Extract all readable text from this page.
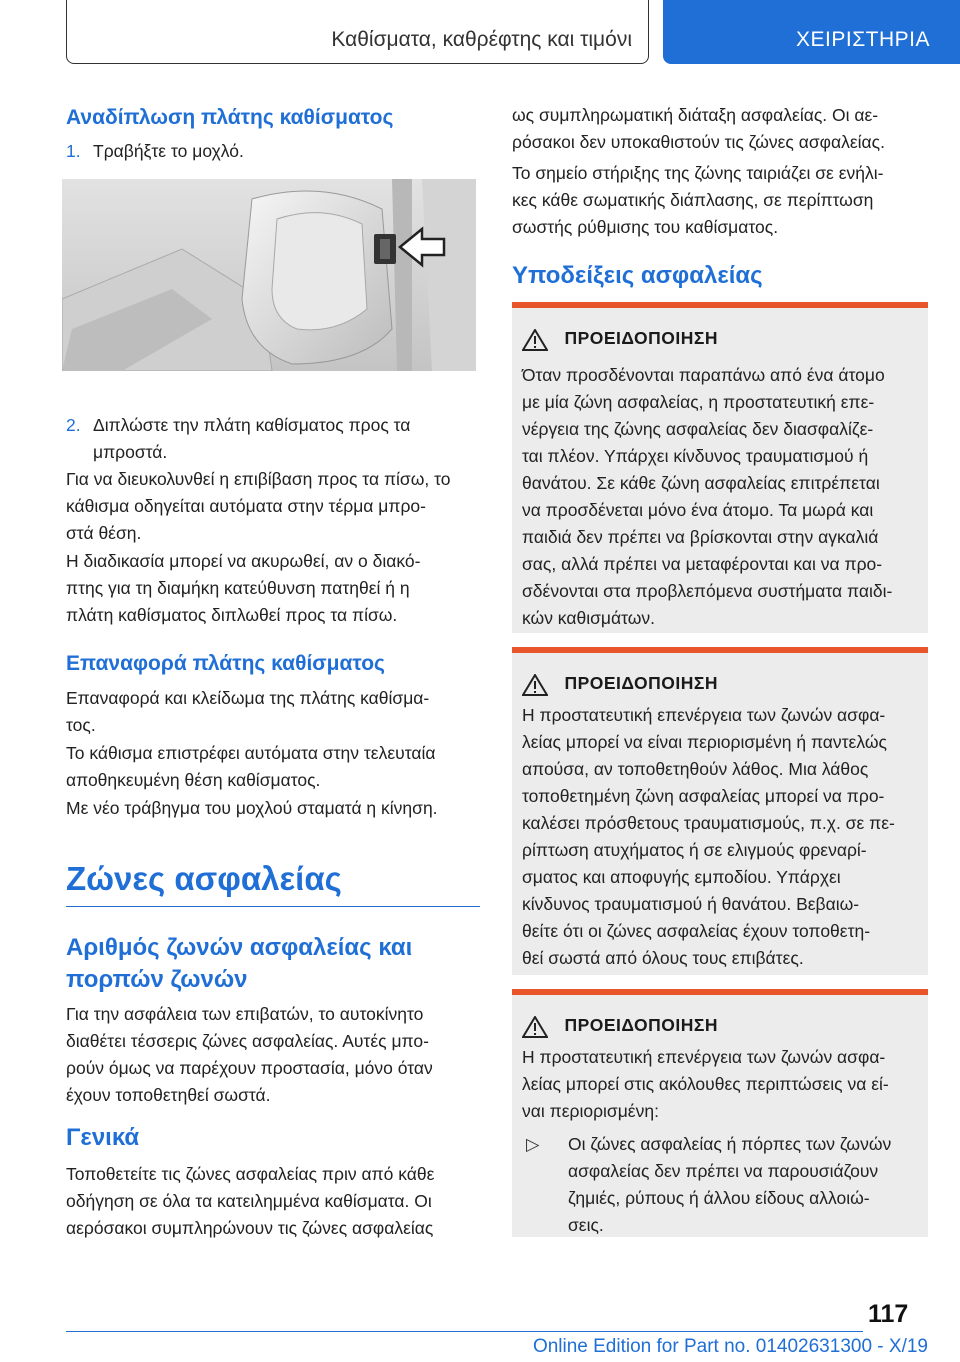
Καθίσματα, καθρέφτης και τιμόνι	ΧΕΙΡΙΣΤΗΡΙΑ
Αναδίπλωση πλάτης καθίσματος

1. Τραβήξτε το μοχλό.

2. Διπλώστε την πλάτη καθίσματος προς τα
μπροστά.

Για να διευκολυνθεί η επιβίβαση προς τα πίσω, το
κάθισμα οδηγείται αυτόματα στην τέρμα μπρο-
στά θέση.

Η διαδικασία μπορεί να ακυρωθεί, αν ο διακό-
πτης για τη διαμήκη κατεύθυνση πατηθεί ή η
πλάτη καθίσματος διπλωθεί προς τα πίσω.

Επαναφορά πλάτης καθίσματος

Επαναφορά και κλείδωμα της πλάτης καθίσμα-
τος.

Το κάθισμα επιστρέφει αυτόματα στην τελευταία
αποθηκευμένη θέση καθίσματος.

Με νέο τράβηγμα του μοχλού σταματά η κίνηση.

Ζώνες ασφαλείας
Αριθμός ζωνών ασφαλείας και
πορπών ζωνών

Για την ασφάλεια των επιβατών, το αυτοκίνητο
διαθέτει τέσσερις ζώνες ασφαλείας. Αυτές μπο-
ρούν όμως να παρέχουν προστασία, μόνο όταν
έχουν τοποθετηθεί σωστά.

Γενικά

Τοποθετείτε τις ζώνες ασφαλείας πριν από κάθε
οδήγηση σε όλα τα κατειλημμένα καθίσματα. Οι
αερόσακοι συμπληρώνουν τις ζώνες ασφαλείας

ως συμπληρωματική διάταξη ασφαλείας. Οι αε-
ρόσακοι δεν υποκαθιστούν τις ζώνες ασφαλείας.

Το σημείο στήριξης της ζώνης ταιριάζει σε ενήλι-
κες κάθε σωματικής διάπλασης, σε περίπτωση
σωστής ρύθμισης του καθίσματος.

Υποδείξεις ασφαλείας
ΠΡΟΕΙΔΟΠΟΙΗΣΗ

Όταν προσδένονται παραπάνω από ένα άτομο
με μία ζώνη ασφαλείας, η προστατευτική επε-
νέργεια της ζώνης ασφαλείας δεν διασφαλίζε-
ται πλέον. Υπάρχει κίνδυνος τραυματισμού ή
θανάτου. Σε κάθε ζώνη ασφαλείας επιτρέπεται
να προσδένεται μόνο ένα άτομο. Τα μωρά και
παιδιά δεν πρέπει να βρίσκονται στην αγκαλιά
σας, αλλά πρέπει να μεταφέρονται και να προ-
σδένονται στα προβλεπόμενα συστήματα παιδι-
κών καθισμάτων.

ΠΡΟΕΙΔΟΠΟΙΗΣΗ

Η προστατευτική επενέργεια των ζωνών ασφα-
λείας μπορεί να είναι περιορισμένη ή παντελώς
απούσα, αν τοποθετηθούν λάθος. Μια λάθος
τοποθετημένη ζώνη ασφαλείας μπορεί να προ-
καλέσει πρόσθετους τραυματισμούς, π.χ. σε πε-
ρίπτωση ατυχήματος ή σε ελιγμούς φρεναρί-
σματος και αποφυγής εμποδίου. Υπάρχει
κίνδυνος τραυματισμού ή θανάτου. Βεβαιω-
θείτε ότι οι ζώνες ασφαλείας έχουν τοποθετη-
θεί σωστά από όλους τους επιβάτες.

ΠΡΟΕΙΔΟΠΟΙΗΣΗ

Η προστατευτική επενέργεια των ζωνών ασφα-
λείας μπορεί στις ακόλουθες περιπτώσεις να εί-
ναι περιορισμένη:

▷ Οι ζώνες ασφαλείας ή πόρπες των ζωνών
ασφαλείας δεν πρέπει να παρουσιάζουν
ζημιές, ρύπους ή άλλου είδους αλλοιώ-
σεις.

117
Online Edition for Part no. 01402631300 - X/19
